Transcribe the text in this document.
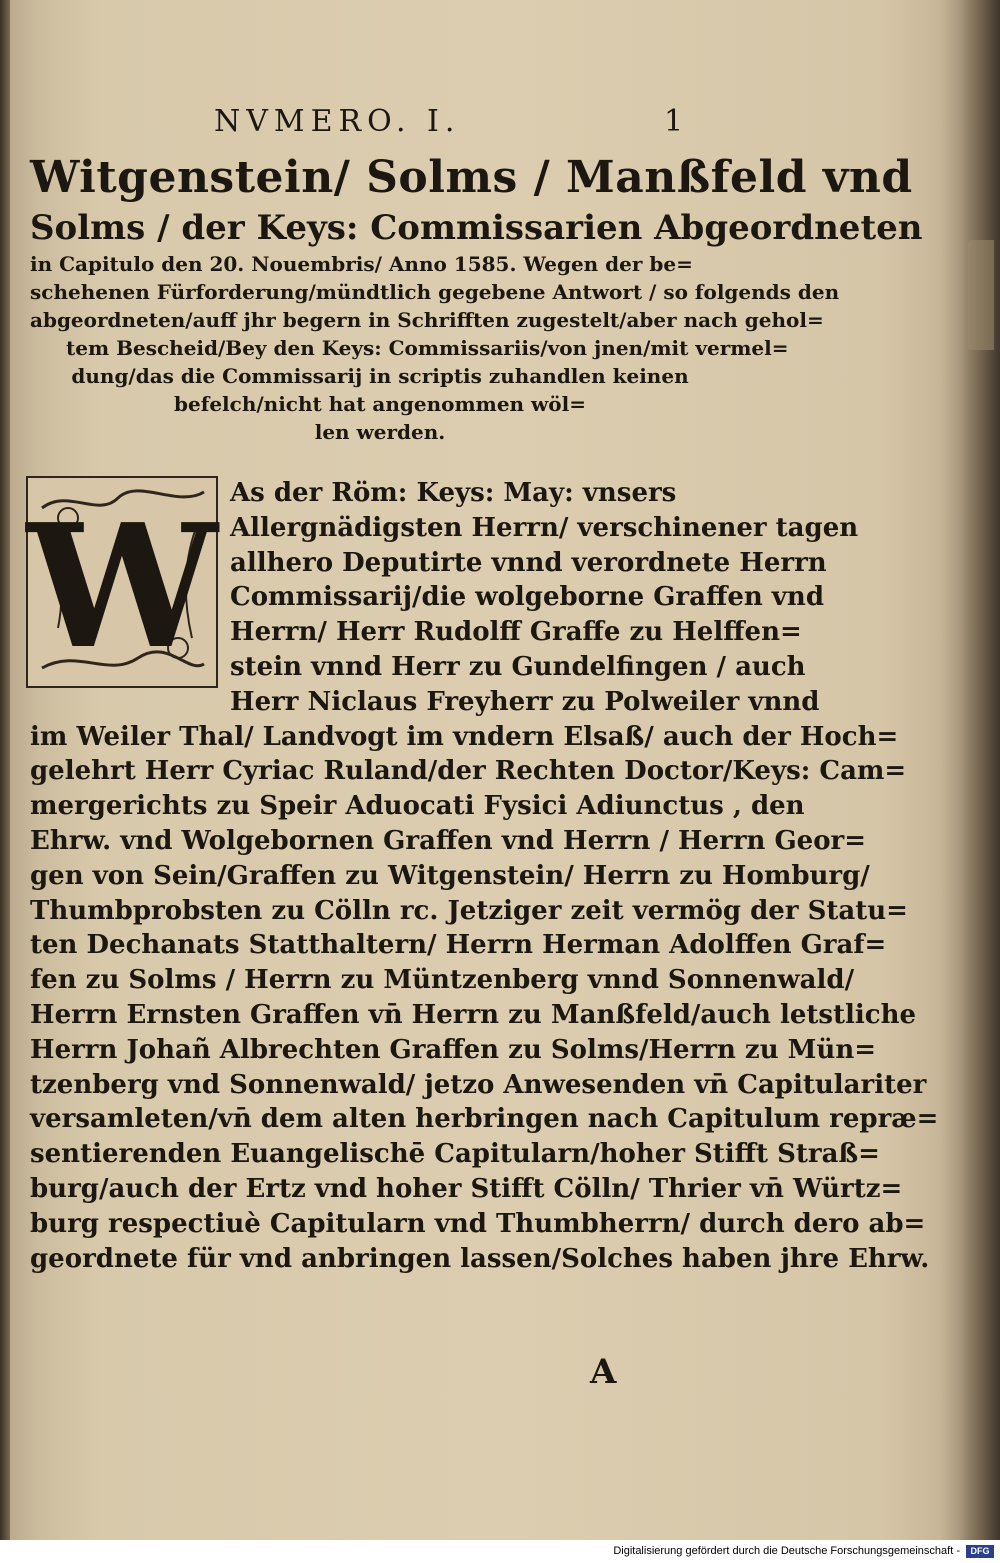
NVMERO. I.	1
Witgenstein/ Solms / Manßfeld vnd
Solms / der Keys: Commissarien Abgeordneten
in Capitulo den 20. Nouembris/ Anno 1585. Wegen der be=
schehenen Fürforderung/mündtlich gegebene Antwort / so folgends den
abgeordneten/auff jhr begern in Schrifften zugestelt/aber nach gehol=
tem Bescheid/Bey den Keys: Commissariis/von jnen/mit vermel=
dung/das die Commissarij in scriptis zuhandlen keinen
befelch/nicht hat angenommen wöl=
len werden.
W As der Röm: Keys: May: vnsers
Allergnädigsten Herrn/ verschinener tagen
allhero Deputirte vnnd verordnete Herrn
Commissarij/die wolgeborne Graffen vnd
Herrn/ Herr Rudolff Graffe zu Helffen=
stein vnnd Herr zu Gundelfingen / auch
Herr Niclaus Freyherr zu Polweiler vnnd
im Weiler Thal/ Landvogt im vndern Elsaß/ auch der Hoch=
gelehrt Herr Cyriac Ruland/der Rechten Doctor/Keys: Cam=
mergerichts zu Speir Aduocati Fysici Adiunctus , den
Ehrw. vnd Wolgebornen Graffen vnd Herrn / Herrn Geor=
gen von Sein/Graffen zu Witgenstein/ Herrn zu Homburg/
Thumbprobsten zu Cölln rc. Jetziger zeit vermög der Statu=
ten Dechanats Statthaltern/ Herrn Herman Adolffen Graf=
fen zu Solms / Herrn zu Müntzenberg vnnd Sonnenwald/
Herrn Ernsten Graffen vn̄ Herrn zu Manßfeld/auch letstliche
Herrn Johañ Albrechten Graffen zu Solms/Herrn zu Mün=
tzenberg vnd Sonnenwald/ jetzo Anwesenden vn̄ Capitulariter
versamleten/vn̄ dem alten herbringen nach Capitulum repræ=
sentierenden Euangelischē Capitularn/hoher Stifft Straß=
burg/auch der Ertz vnd hoher Stifft Cölln/ Thrier vn̄ Würtz=
burg respectiuè Capitularn vnd Thumbherrn/ durch dero ab=
geordnete für vnd anbringen lassen/Solches haben jhre Ehrw.
A
Digitalisierung gefördert durch die Deutsche Forschungsgemeinschaft -	DFG
